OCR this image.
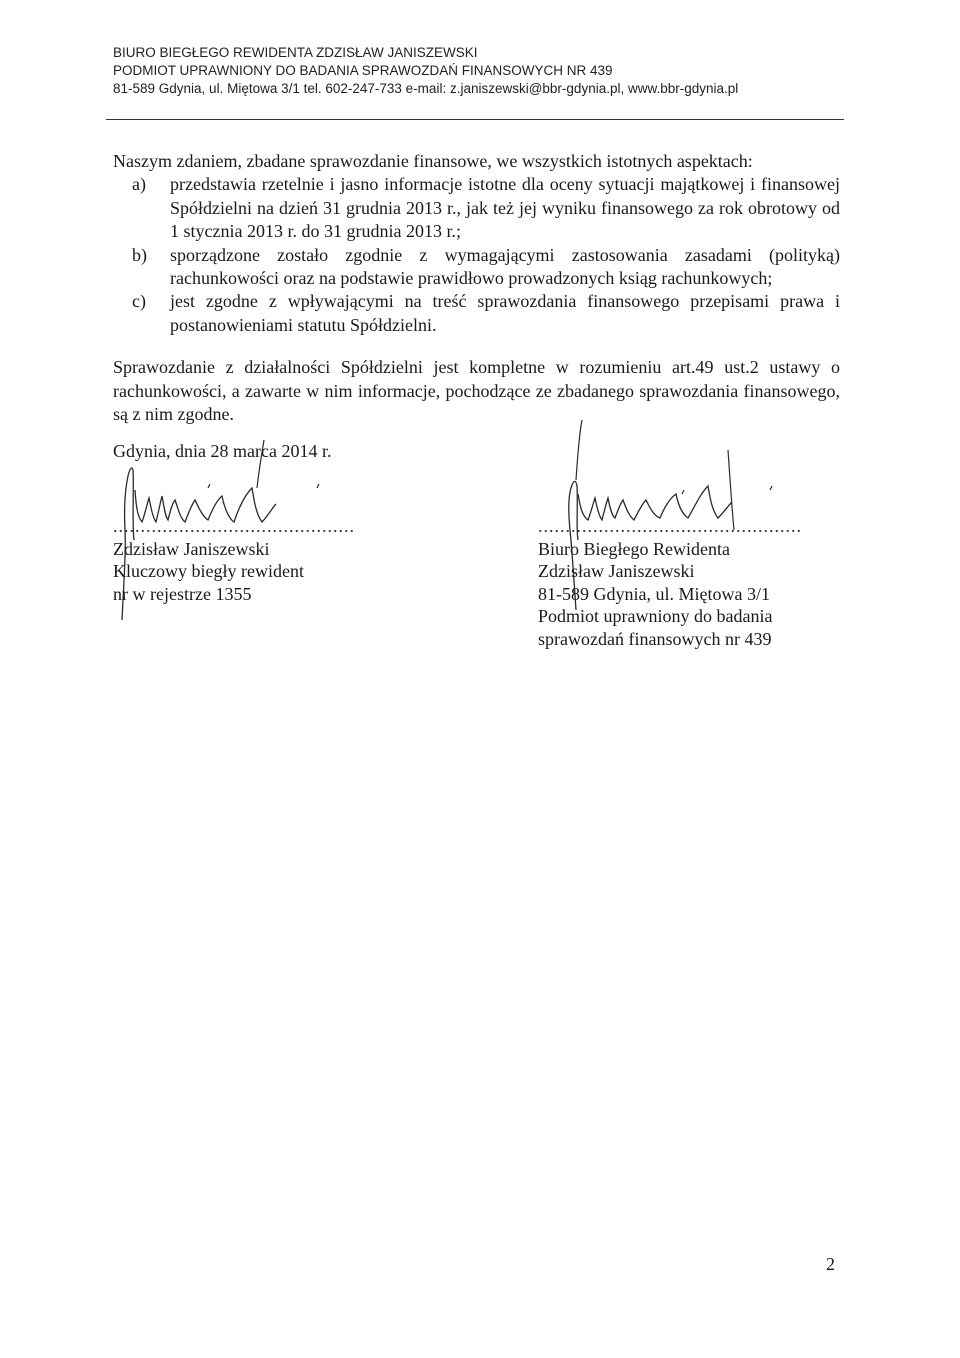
BIURO BIEGŁEGO REWIDENTA ZDZISŁAW JANISZEWSKI
PODMIOT UPRAWNIONY DO BADANIA SPRAWOZDAŃ FINANSOWYCH NR 439
81-589 Gdynia, ul. Miętowa 3/1 tel. 602-247-733 e-mail: z.janiszewski@bbr-gdynia.pl, www.bbr-gdynia.pl

Naszym zdaniem, zbadane sprawozdanie finansowe, we wszystkich istotnych aspektach:

a) przedstawia rzetelnie i jasno informacje istotne dla oceny sytuacji majątkowej i finansowej Spółdzielni na dzień 31 grudnia 2013 r., jak też jej wyniku finansowego za rok obrotowy od 1 stycznia 2013 r. do 31 grudnia 2013 r.;
b) sporządzone zostało zgodnie z wymagającymi zastosowania zasadami (polityką) rachunkowości oraz na podstawie prawidłowo prowadzonych ksiąg rachunkowych;
c) jest zgodne z wpływającymi na treść sprawozdania finansowego przepisami prawa i postanowieniami statutu Spółdzielni.

Sprawozdanie z działalności Spółdzielni jest kompletne w rozumieniu art.49 ust.2 ustawy o rachunkowości, a zawarte w nim informacje, pochodzące ze zbadanego sprawozdania finansowego, są z nim zgodne.

Gdynia, dnia 28 marca 2014 r.
............................................
Zdzisław Janiszewski
Kluczowy biegły rewident
nr w rejestrze 1355
................................................
Biuro Biegłego Rewidenta
Zdzisław Janiszewski
81-589 Gdynia, ul. Miętowa 3/1
Podmiot uprawniony do badania
sprawozdań finansowych nr 439
2
